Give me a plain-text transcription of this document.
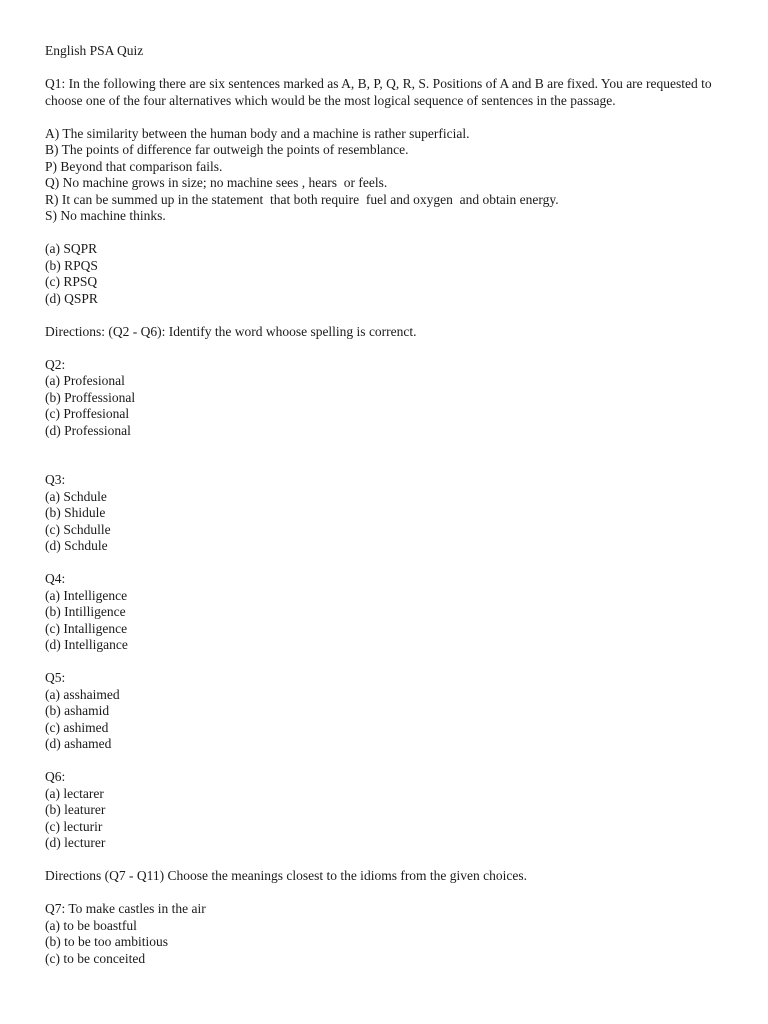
English PSA Quiz
Q1: In the following there are six sentences marked as A, B, P, Q, R, S. Positions of A and B are fixed. You are requested to choose one of the four alternatives which would be the most logical sequence of sentences in the passage.
A) The similarity between the human body and a machine is rather superficial.
B) The points of difference far outweigh the points of resemblance.
P) Beyond that comparison fails.
Q) No machine grows in size; no machine sees , hears  or feels.
R) It can be summed up in the statement  that both require  fuel and oxygen  and obtain energy.
S) No machine thinks.
(a) SQPR
(b) RPQS
(c) RPSQ
(d) QSPR
Directions: (Q2 - Q6): Identify the word whoose spelling is correnct.
Q2:
(a) Profesional
(b) Proffessional
(c) Proffesional
(d) Professional
Q3:
(a) Schdule
(b) Shidule
(c) Schdulle
(d) Schdule
Q4:
(a) Intelligence
(b) Intilligence
(c) Intalligence
(d) Intelligance
Q5:
(a) asshaimed
(b) ashamid
(c) ashimed
(d) ashamed
Q6:
(a) lectarer
(b) leaturer
(c) lecturir
(d) lecturer
Directions (Q7 - Q11) Choose the meanings closest to the idioms from the given choices.
Q7: To make castles in the air
(a) to be boastful
(b) to be too ambitious
(c) to be conceited
